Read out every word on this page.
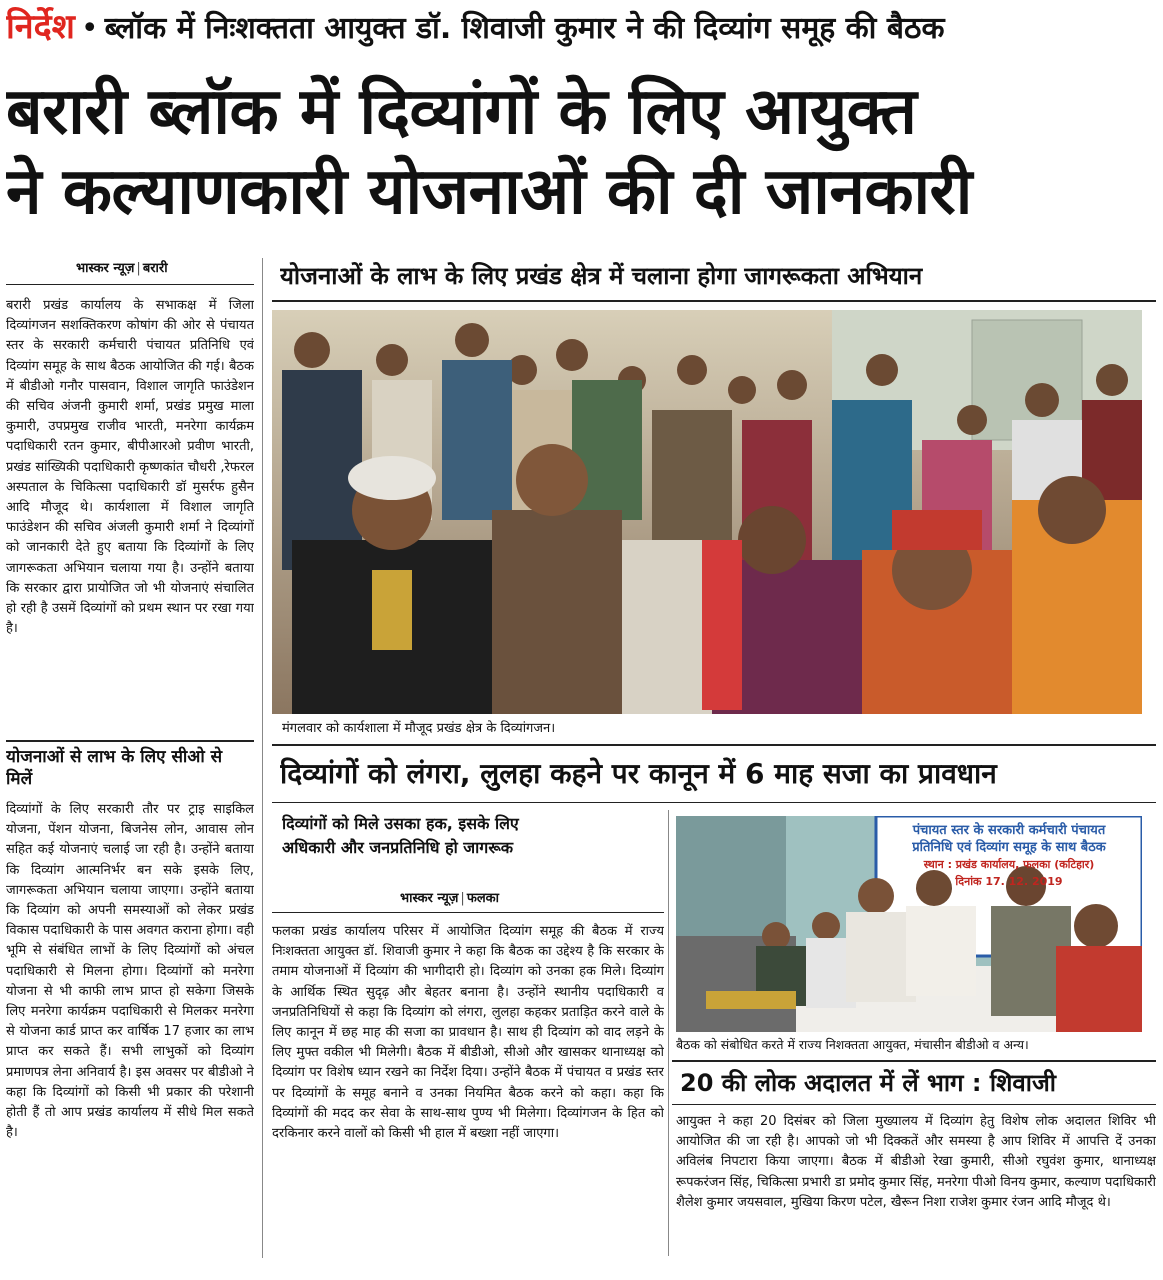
निर्देश • ब्लॉक में निःशक्तता आयुक्त डॉ. शिवाजी कुमार ने की दिव्यांग समूह की बैठक
बरारी ब्लॉक में दिव्यांगों के लिए आयुक्त
ने कल्याणकारी योजनाओं की दी जानकारी
भास्कर न्यूज़ | बरारी
बरारी प्रखंड कार्यालय के सभाकक्ष में जिला दिव्यांगजन सशक्तिकरण कोषांग की ओर से पंचायत स्तर के सरकारी कर्मचारी पंचायत प्रतिनिधि एवं दिव्यांग समूह के साथ बैठक आयोजित की गई। बैठक में बीडीओ गनौर पासवान, विशाल जागृति फाउंडेशन की सचिव अंजनी कुमारी शर्मा, प्रखंड प्रमुख माला कुमारी, उपप्रमुख राजीव भारती, मनरेगा कार्यक्रम पदाधिकारी रतन कुमार, बीपीआरओ प्रवीण भारती, प्रखंड सांख्यिकी पदाधिकारी कृष्णकांत चौधरी ,रेफरल अस्पताल के चिकित्सा पदाधिकारी डॉ मुसर्रफ हुसैन आदि मौजूद थे। कार्यशाला में विशाल जागृति फाउंडेशन की सचिव अंजली कुमारी शर्मा ने दिव्यांगों को जानकारी देते हुए बताया कि दिव्यांगों के लिए जागरूकता अभियान चलाया गया है। उन्होंने बताया कि सरकार द्वारा प्रायोजित जो भी योजनाएं संचालित हो रही है उसमें दिव्यांगों को प्रथम स्थान पर रखा गया है।
योजनाओं से लाभ के लिए सीओ से मिलें
दिव्यांगों के लिए सरकारी तौर पर ट्राइ साइकिल योजना, पेंशन योजना, बिजनेस लोन, आवास लोन सहित कई योजनाएं चलाई जा रही है। उन्होंने बताया कि दिव्यांग आत्मनिर्भर बन सके इसके लिए, जागरूकता अभियान चलाया जाएगा। उन्होंने बताया कि दिव्यांग को अपनी समस्याओं को लेकर प्रखंड विकास पदाधिकारी के पास अवगत कराना होगा। वही भूमि से संबंधित लाभों के लिए दिव्यांगों को अंचल पदाधिकारी से मिलना होगा। दिव्यांगों को मनरेगा योजना से भी काफी लाभ प्राप्त हो सकेगा जिसके लिए मनरेगा कार्यक्रम पदाधिकारी से मिलकर मनरेगा से योजना कार्ड प्राप्त कर वार्षिक 17 हजार का लाभ प्राप्त कर सकते हैं। सभी लाभुकों को दिव्यांग प्रमाणपत्र लेना अनिवार्य है। इस अवसर पर बीडीओ ने कहा कि दिव्यांगों को किसी भी प्रकार की परेशानी होती हैं तो आप प्रखंड कार्यालय में सीधे मिल सकते है।
योजनाओं के लाभ के लिए प्रखंड क्षेत्र में चलाना होगा जागरूकता अभियान
मंगलवार को कार्यशाला में मौजूद प्रखंड क्षेत्र के दिव्यांगजन।
दिव्यांगों को लंगरा, लुलहा कहने पर कानून में 6 माह सजा का प्रावधान
दिव्यांगों को मिले उसका हक, इसके लिए
अधिकारी और जनप्रतिनिधि हो जागरूक
भास्कर न्यूज़ | फलका
फलका प्रखंड कार्यालय परिसर में आयोजित दिव्यांग समूह की बैठक में राज्य निःशक्तता आयुक्त डॉ. शिवाजी कुमार ने कहा कि बैठक का उद्देश्य है कि सरकार के तमाम योजनाओं में दिव्यांग की भागीदारी हो। दिव्यांग को उनका हक मिले। दिव्यांग के आर्थिक स्थित सुदृढ़ और बेहतर बनाना है। उन्होंने स्थानीय पदाधिकारी व जनप्रतिनिधियों से कहा कि दिव्यांग को लंगरा, लुलहा कहकर प्रताड़ित करने वाले के लिए कानून में छह माह की सजा का प्रावधान है। साथ ही दिव्यांग को वाद लड़ने के लिए मुफ्त वकील भी मिलेगी। बैठक में बीडीओ, सीओ और खासकर थानाध्यक्ष को दिव्यांग पर विशेष ध्यान रखने का निर्देश दिया। उन्होंने बैठक में पंचायत व प्रखंड स्तर पर दिव्यांगों के समूह बनाने व उनका नियमित बैठक करने को कहा। कहा कि दिव्यांगों की मदद कर सेवा के साथ-साथ पुण्य भी मिलेगा। दिव्यांगजन के हित को दरकिनार करने वालों को किसी भी हाल में बख्शा नहीं जाएगा।
पंचायत स्तर के सरकारी कर्मचारी पंचायत
प्रतिनिधि एवं दिव्यांग समूह के साथ बैठक
स्थान : प्रखंड कार्यालय, फलका (कटिहार)
दिनांक 17. 12. 2019
बैठक को संबोधित करते में राज्य निशक्तता आयुक्त, मंचासीन बीडीओ व अन्य।
20 की लोक अदालत में लें भाग : शिवाजी
आयुक्त ने कहा 20 दिसंबर को जिला मुख्यालय में दिव्यांग हेतु विशेष लोक अदालत शिविर भी आयोजित की जा रही है। आपको जो भी दिक्कतें और समस्या है आप शिविर में आपत्ति दें उनका अविलंब निपटारा किया जाएगा। बैठक में बीडीओ रेखा कुमारी, सीओ रघुवंश कुमार, थानाध्यक्ष रूपकरंजन सिंह, चिकित्सा प्रभारी डा प्रमोद कुमार सिंह, मनरेगा पीओ विनय कुमार, कल्याण पदाधिकारी शैलेश कुमार जयसवाल, मुखिया किरण पटेल, खैरून निशा राजेश कुमार रंजन आदि मौजूद थे।
